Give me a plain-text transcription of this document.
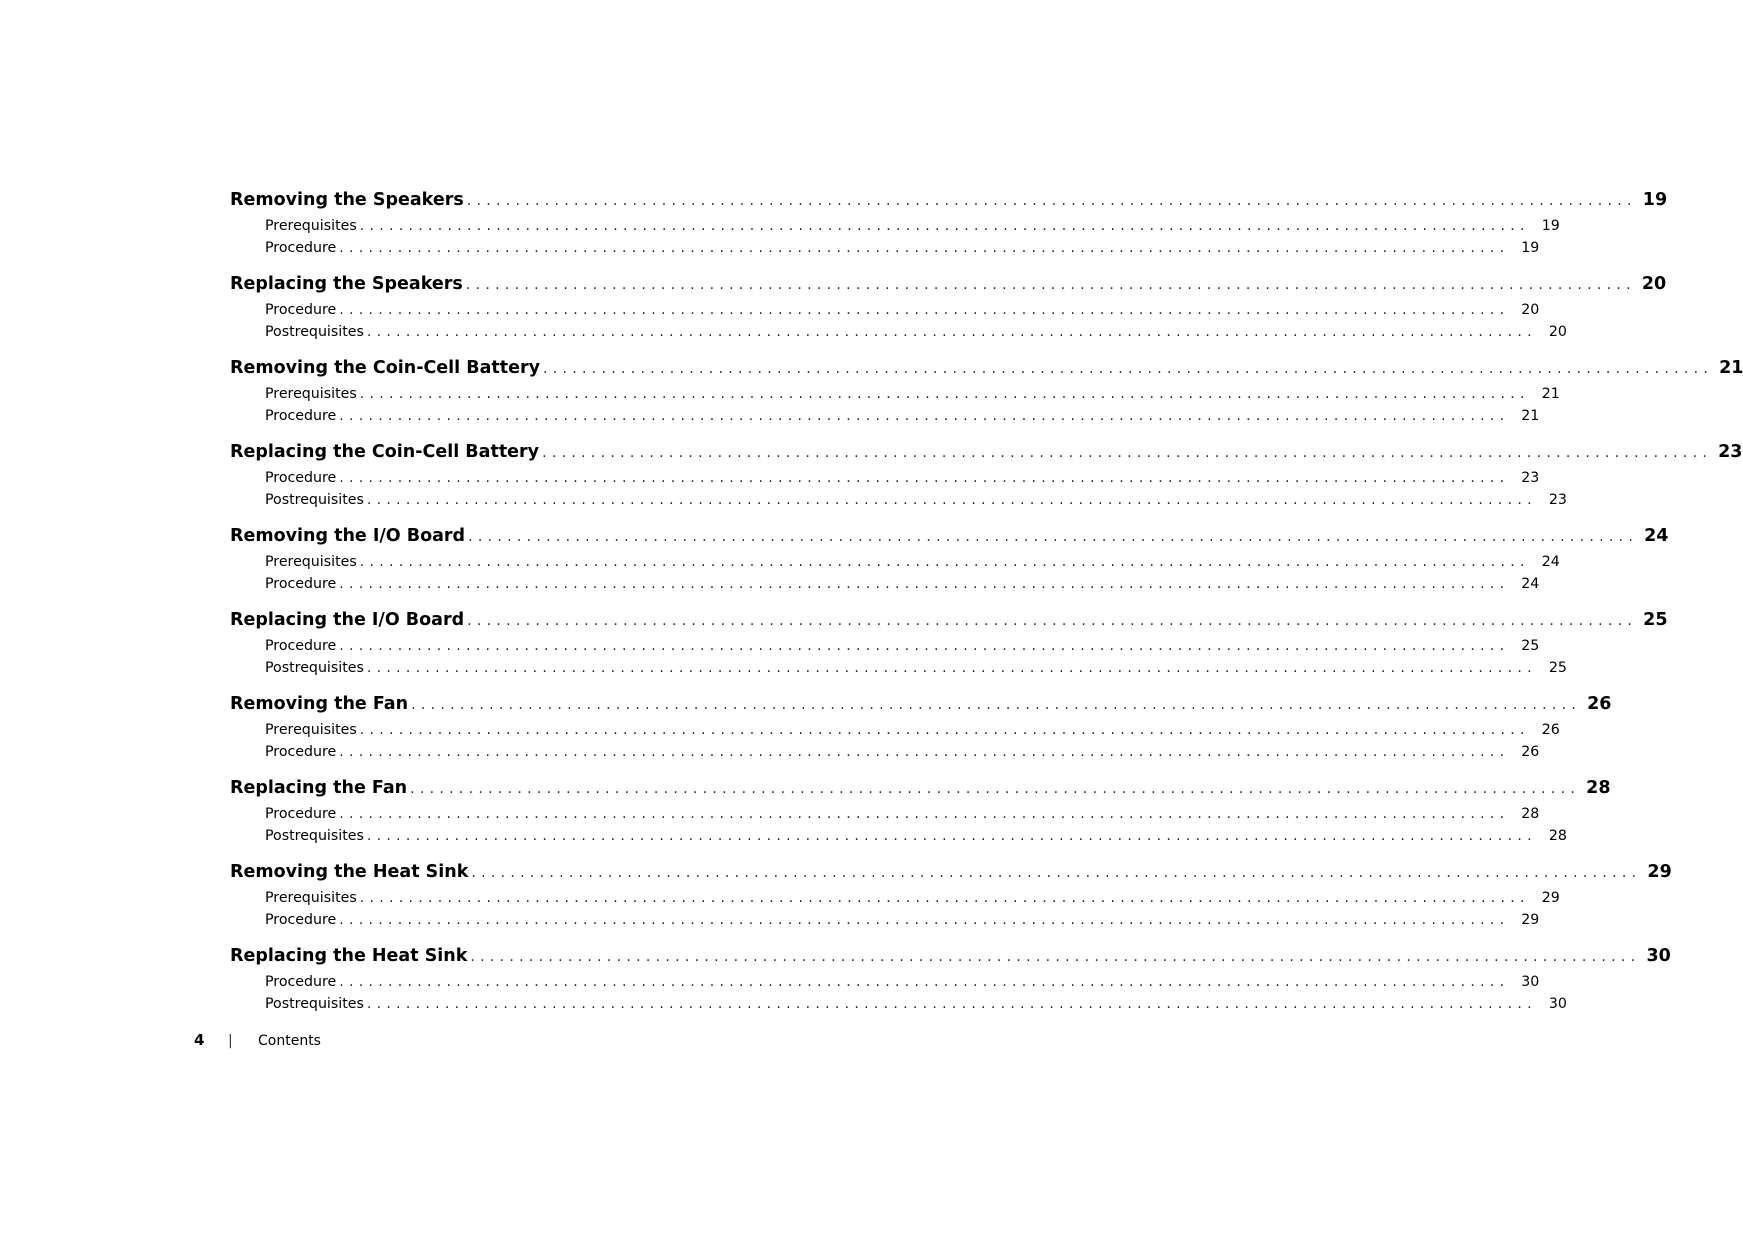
Removing the Speakers ........................................................................................................................ 19
Prerequisites ........................................................................................................................ 19
Procedure ........................................................................................................................ 19
Replacing the Speakers ........................................................................................................................ 20
Procedure ........................................................................................................................ 20
Postrequisites ........................................................................................................................ 20
Removing the Coin-Cell Battery ........................................................................................................................ 21
Prerequisites ........................................................................................................................ 21
Procedure ........................................................................................................................ 21
Replacing the Coin-Cell Battery ........................................................................................................................ 23
Procedure ........................................................................................................................ 23
Postrequisites ........................................................................................................................ 23
Removing the I/O Board ........................................................................................................................ 24
Prerequisites ........................................................................................................................ 24
Procedure ........................................................................................................................ 24
Replacing the I/O Board ........................................................................................................................ 25
Procedure ........................................................................................................................ 25
Postrequisites ........................................................................................................................ 25
Removing the Fan ........................................................................................................................ 26
Prerequisites ........................................................................................................................ 26
Procedure ........................................................................................................................ 26
Replacing the Fan ........................................................................................................................ 28
Procedure ........................................................................................................................ 28
Postrequisites ........................................................................................................................ 28
Removing the Heat Sink ........................................................................................................................ 29
Prerequisites ........................................................................................................................ 29
Procedure ........................................................................................................................ 29
Replacing the Heat Sink ........................................................................................................................ 30
Procedure ........................................................................................................................ 30
Postrequisites ........................................................................................................................ 30
4	|	Contents
